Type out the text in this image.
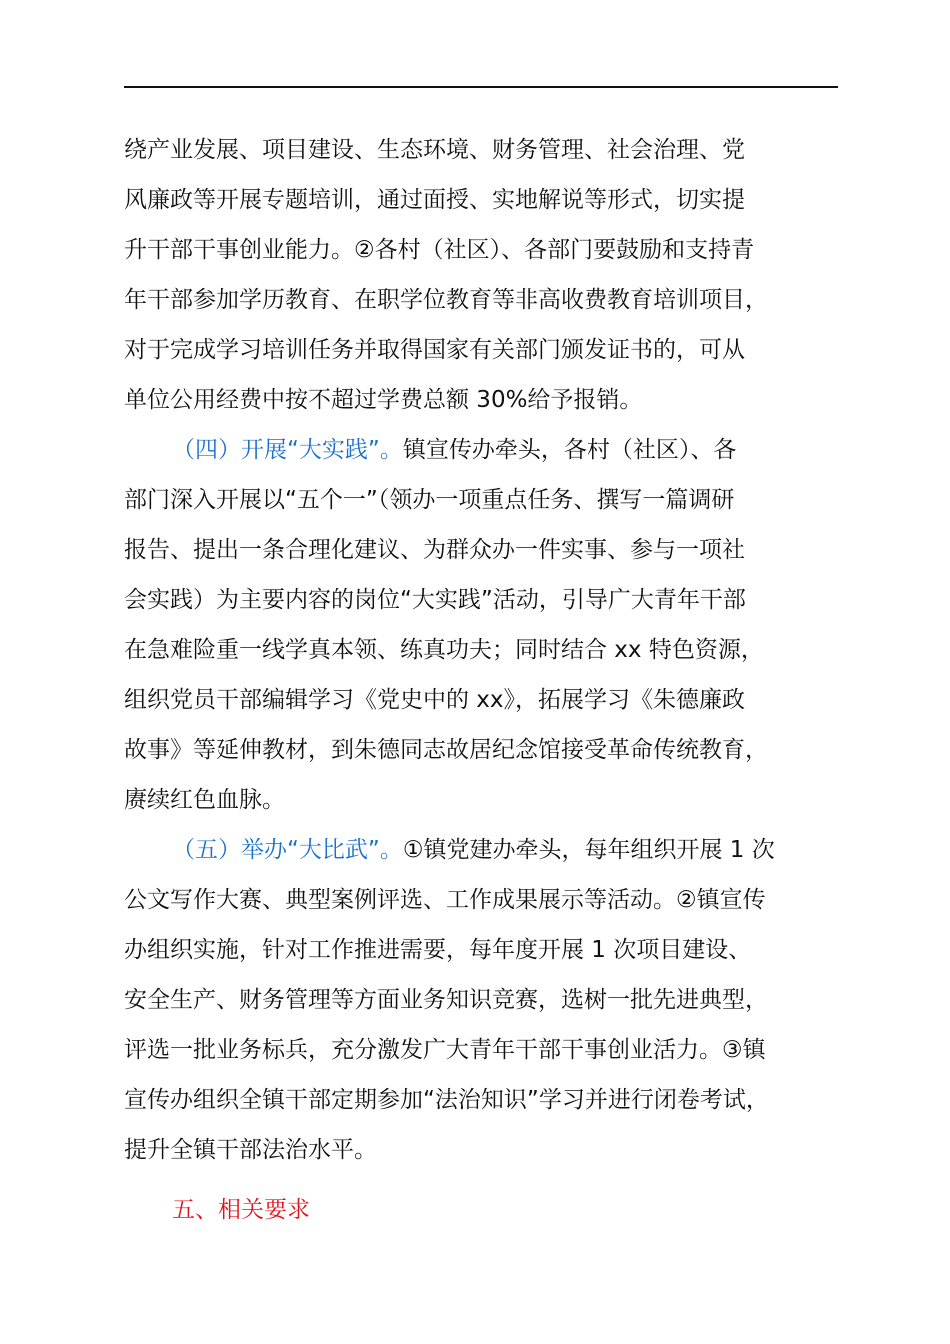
绕产业发展、项目建设、生态环境、财务管理、社会治理、党
风廉政等开展专题培训，通过面授、实地解说等形式，切实提
升干部干事创业能力。②各村（社区）、各部门要鼓励和支持青
年干部参加学历教育、在职学位教育等非高收费教育培训项目，
对于完成学习培训任务并取得国家有关部门颁发证书的，可从
单位公用经费中按不超过学费总额 30%给予报销。
（四）开展“大实践”。镇宣传办牵头，各村（社区）、各
部门深入开展以“五个一”（领办一项重点任务、撰写一篇调研
报告、提出一条合理化建议、为群众办一件实事、参与一项社
会实践）为主要内容的岗位“大实践”活动，引导广大青年干部
在急难险重一线学真本领、练真功夫；同时结合 xx 特色资源，
组织党员干部编辑学习《党史中的 xx》，拓展学习《朱德廉政
故事》等延伸教材，到朱德同志故居纪念馆接受革命传统教育，
赓续红色血脉。
（五）举办“大比武”。①镇党建办牵头，每年组织开展 1 次
公文写作大赛、典型案例评选、工作成果展示等活动。②镇宣传
办组织实施，针对工作推进需要，每年度开展 1 次项目建设、
安全生产、财务管理等方面业务知识竞赛，选树一批先进典型，
评选一批业务标兵，充分激发广大青年干部干事创业活力。③镇
宣传办组织全镇干部定期参加“法治知识”学习并进行闭卷考试，
提升全镇干部法治水平。
五、相关要求
